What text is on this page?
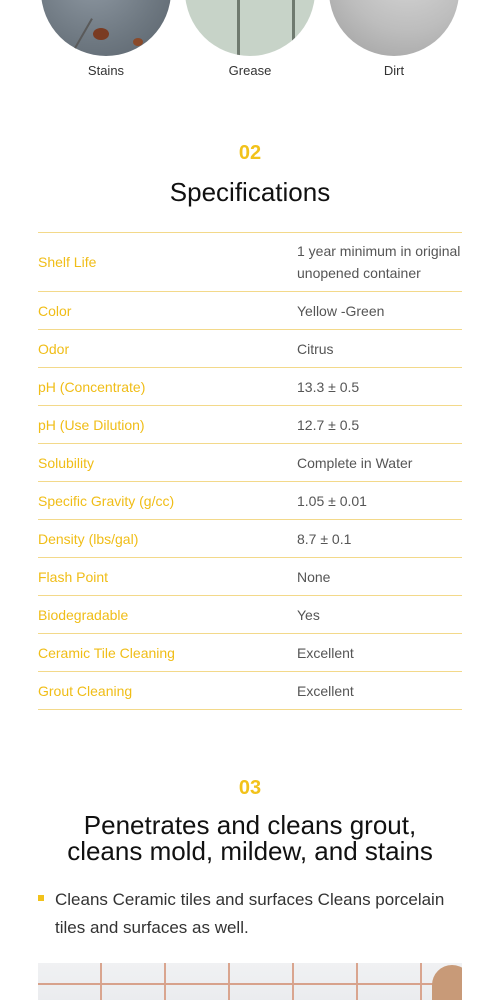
Stains	Grease	Dirt
02
Specifications
Shelf Life	1 year minimum in original
unopened container
Color	Yellow -Green
Odor	Citrus
pH (Concentrate)	13.3 ± 0.5
pH (Use Dilution)	12.7 ± 0.5
Solubility	Complete in Water
Specific Gravity (g/cc)	1.05 ± 0.01
Density (lbs/gal)	8.7 ± 0.1
Flash Point	None
Biodegradable	Yes
Ceramic Tile Cleaning	Excellent
Grout Cleaning	Excellent
03
Penetrates and cleans grout,
cleans mold, mildew, and stains
Cleans Ceramic tiles and surfaces Cleans porcelain tiles and surfaces as well.
